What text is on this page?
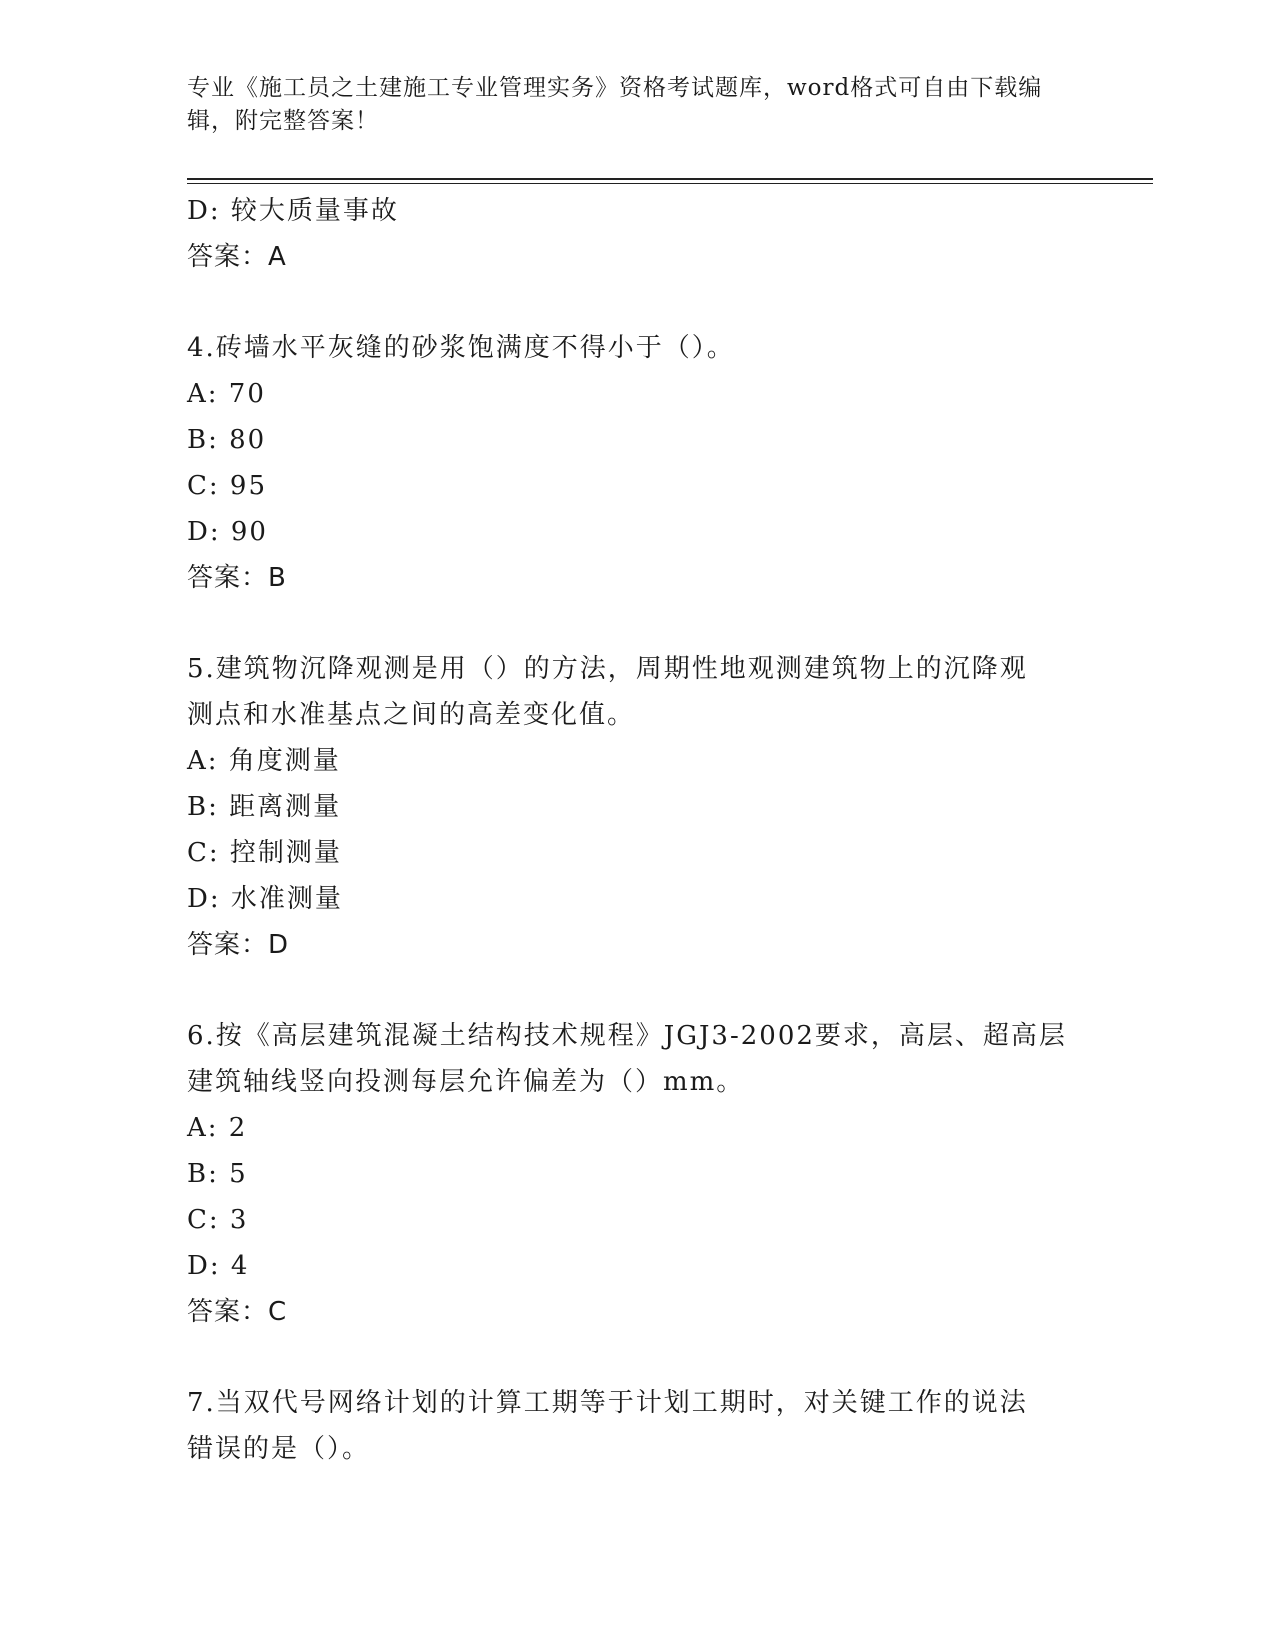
专业《施工员之土建施工专业管理实务》资格考试题库，word格式可自由下载编辑，附完整答案！
D: 较大质量事故
答案：A
4.砖墙水平灰缝的砂浆饱满度不得小于（）。
A: 70
B: 80
C: 95
D: 90
答案：B
5.建筑物沉降观测是用（）的方法，周期性地观测建筑物上的沉降观
测点和水准基点之间的高差变化值。
A: 角度测量
B: 距离测量
C: 控制测量
D: 水准测量
答案：D
6.按《高层建筑混凝土结构技术规程》JGJ3-2002要求，高层、超高层
建筑轴线竖向投测每层允许偏差为（）mm。
A: 2
B: 5
C: 3
D: 4
答案：C
7.当双代号网络计划的计算工期等于计划工期时，对关键工作的说法
错误的是（）。
